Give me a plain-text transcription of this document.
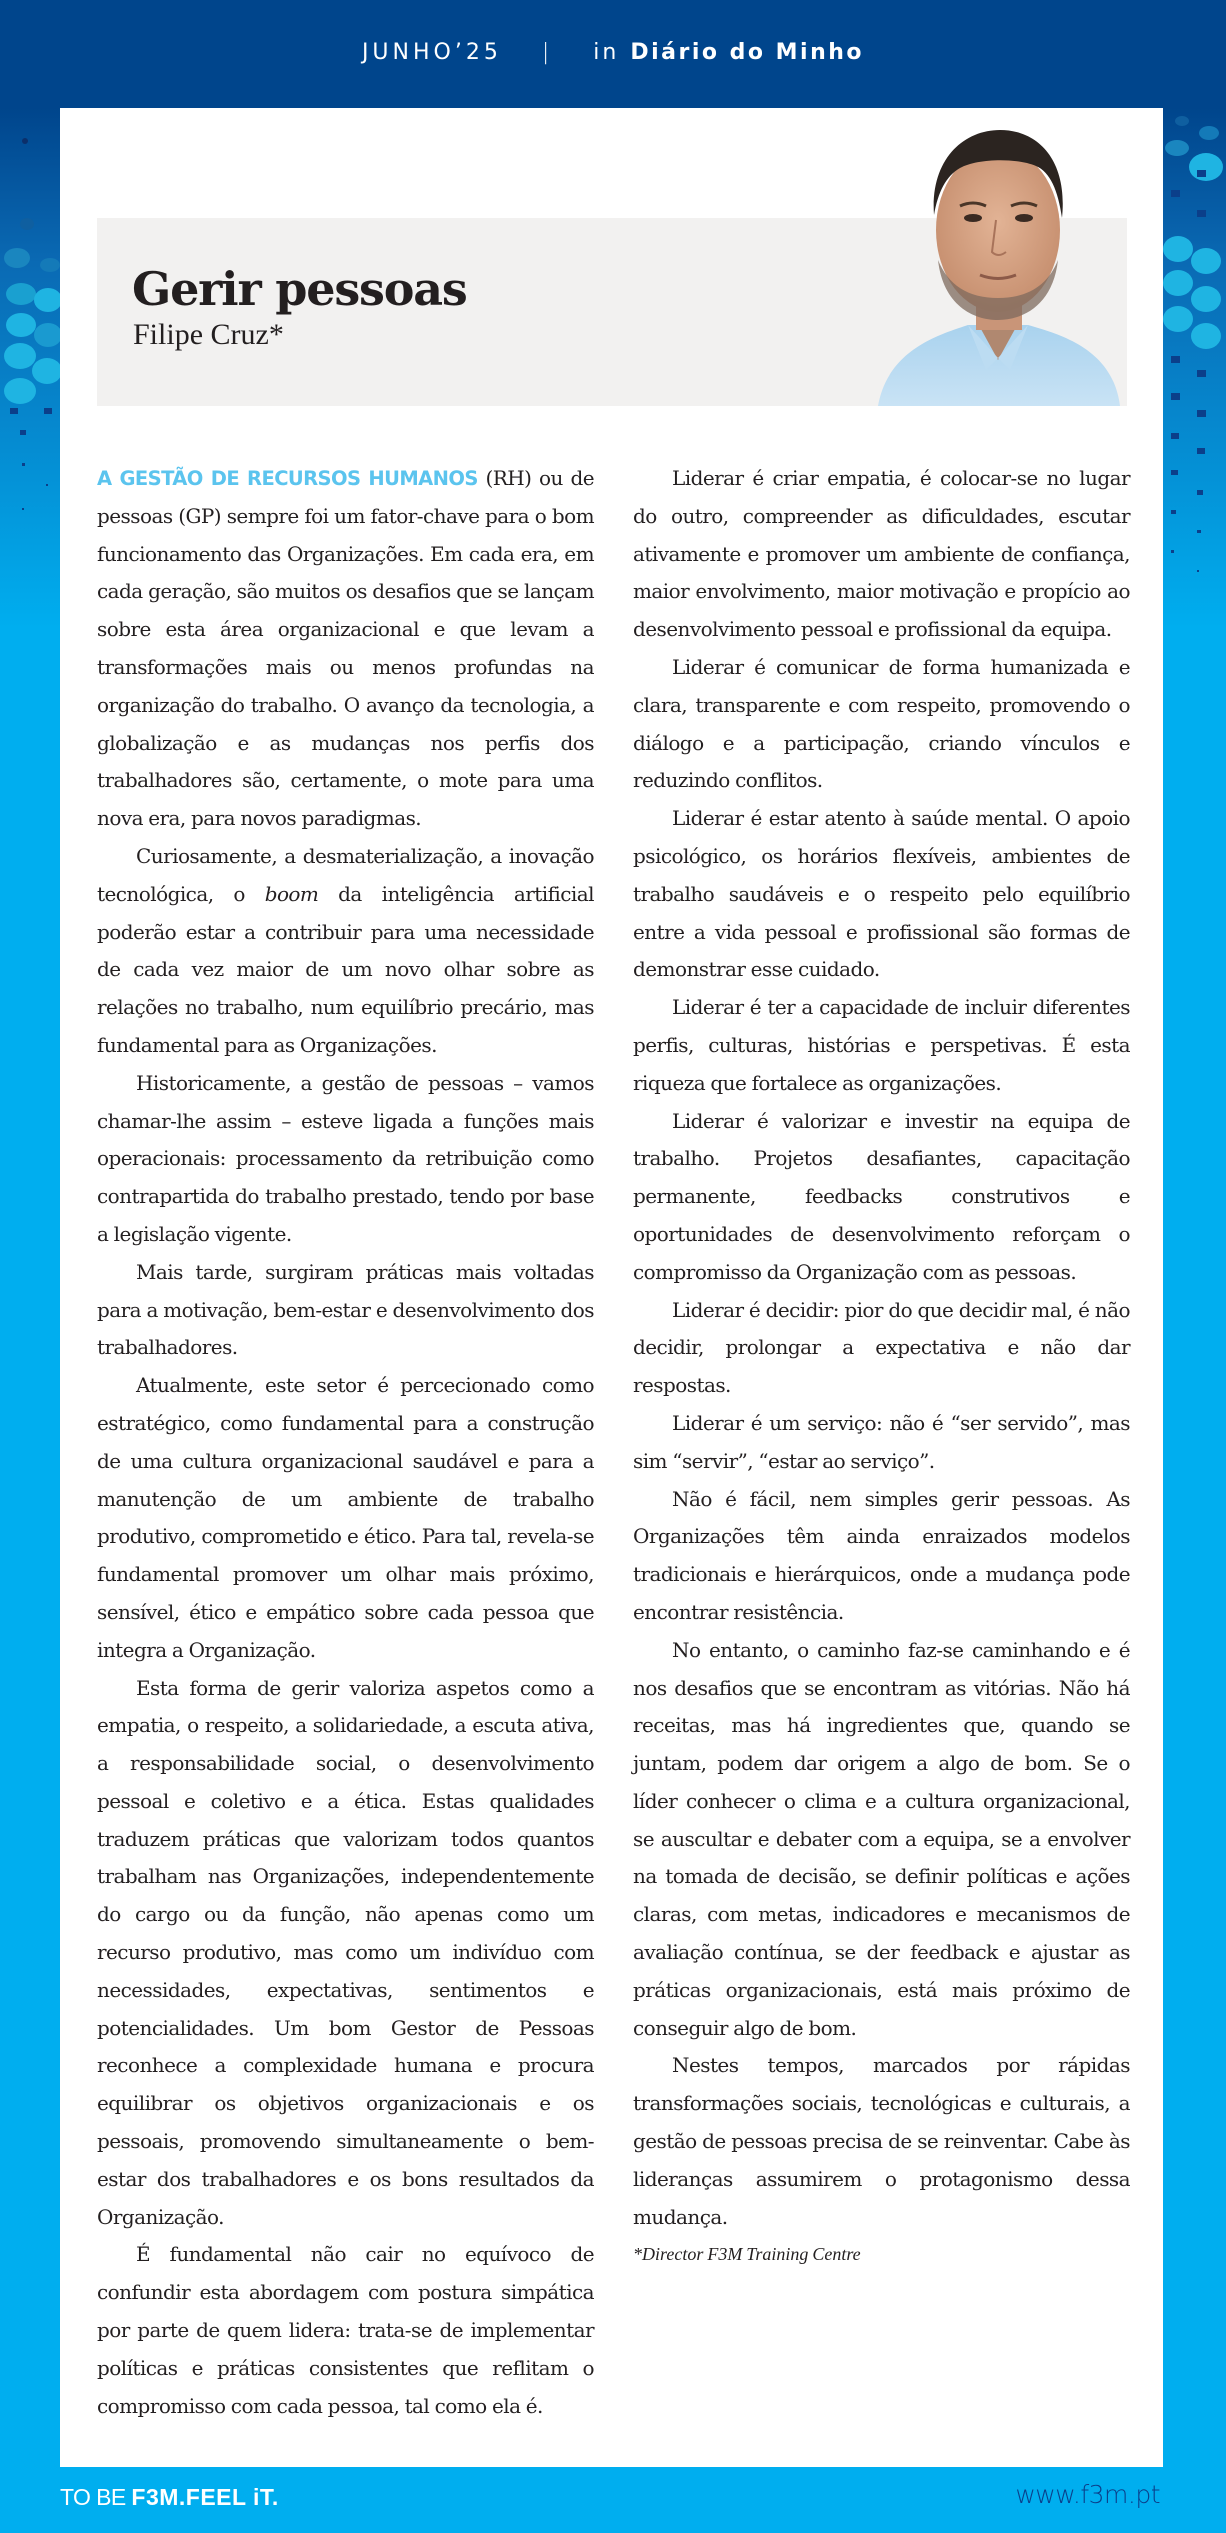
JUNHO’25 | in Diário do Minho
Gerir pessoas
Filipe Cruz*

A GESTÃO DE RECURSOS HUMANOS (RH) ou de pessoas (GP) sempre foi um fator-chave para o bom funcionamento das Organizações. Em cada era, em cada geração, são muitos os desafios que se lançam sobre esta área organizacional e que levam a transformações mais ou menos profundas na organização do trabalho. O avanço da tecnologia, a globalização e as mudanças nos perfis dos trabalhadores são, certamente, o mote para uma nova era, para novos paradigmas.

Curiosamente, a desmaterialização, a inovação tecnológica, o boom da inteligência artificial poderão estar a contribuir para uma necessidade de cada vez maior de um novo olhar sobre as relações no trabalho, num equilíbrio precário, mas fundamental para as Organizações.

Historicamente, a gestão de pessoas – vamos chamar-lhe assim – esteve ligada a funções mais operacionais: processamento da retribuição como contrapartida do trabalho prestado, tendo por base a legislação vigente.

Mais tarde, surgiram práticas mais voltadas para a motivação, bem-estar e desenvolvimento dos trabalhadores.

Atualmente, este setor é percecionado como estratégico, como fundamental para a construção de uma cultura organizacional saudável e para a manutenção de um ambiente de trabalho produtivo, comprometido e ético. Para tal, revela-se fundamental promover um olhar mais próximo, sensível, ético e empático sobre cada pessoa que integra a Organização.

Esta forma de gerir valoriza aspetos como a empatia, o respeito, a solidariedade, a escuta ativa, a responsabilidade social, o desenvolvimento pessoal e coletivo e a ética. Estas qualidades traduzem práticas que valorizam todos quantos trabalham nas Organizações, independentemente do cargo ou da função, não apenas como um recurso produtivo, mas como um indivíduo com necessidades, expectativas, sentimentos e potencialidades. Um bom Gestor de Pessoas reconhece a complexidade humana e procura equilibrar os objetivos organizacionais e os pessoais, promovendo simultaneamente o bem-estar dos trabalhadores e os bons resultados da Organização.

É fundamental não cair no equívoco de confundir esta abordagem com postura simpática por parte de quem lidera: trata-se de implementar políticas e práticas consistentes que reflitam o compromisso com cada pessoa, tal como ela é.

Liderar é criar empatia, é colocar-se no lugar do outro, compreender as dificuldades, escutar ativamente e promover um ambiente de confiança, maior envolvimento, maior motivação e propício ao desenvolvimento pessoal e profissional da equipa.

Liderar é comunicar de forma humanizada e clara, transparente e com respeito, promovendo o diálogo e a participação, criando vínculos e reduzindo conflitos.

Liderar é estar atento à saúde mental. O apoio psicológico, os horários flexíveis, ambientes de trabalho saudáveis e o respeito pelo equilíbrio entre a vida pessoal e profissional são formas de demonstrar esse cuidado.

Liderar é ter a capacidade de incluir diferentes perfis, culturas, histórias e perspetivas. É esta riqueza que fortalece as organizações.

Liderar é valorizar e investir na equipa de trabalho. Projetos desafiantes, capacitação permanente, feedbacks construtivos e oportunidades de desenvolvimento reforçam o compromisso da Organização com as pessoas.

Liderar é decidir: pior do que decidir mal, é não decidir, prolongar a expectativa e não dar respostas.

Liderar é um serviço: não é “ser servido”, mas sim “servir”, “estar ao serviço”.

Não é fácil, nem simples gerir pessoas. As Organizações têm ainda enraizados modelos tradicionais e hierárquicos, onde a mudança pode encontrar resistência.

No entanto, o caminho faz-se caminhando e é nos desafios que se encontram as vitórias. Não há receitas, mas há ingredientes que, quando se juntam, podem dar origem a algo de bom. Se o líder conhecer o clima e a cultura organizacional, se auscultar e debater com a equipa, se a envolver na tomada de decisão, se definir políticas e ações claras, com metas, indicadores e mecanismos de avaliação contínua, se der feedback e ajustar as práticas organizacionais, está mais próximo de conseguir algo de bom.

Nestes tempos, marcados por rápidas transformações sociais, tecnológicas e culturais, a gestão de pessoas precisa de se reinventar. Cabe às lideranças assumirem o protagonismo dessa mudança.

*Director F3M Training Centre

TO BE F3M.FEEL iT.	www.f3m.pt
